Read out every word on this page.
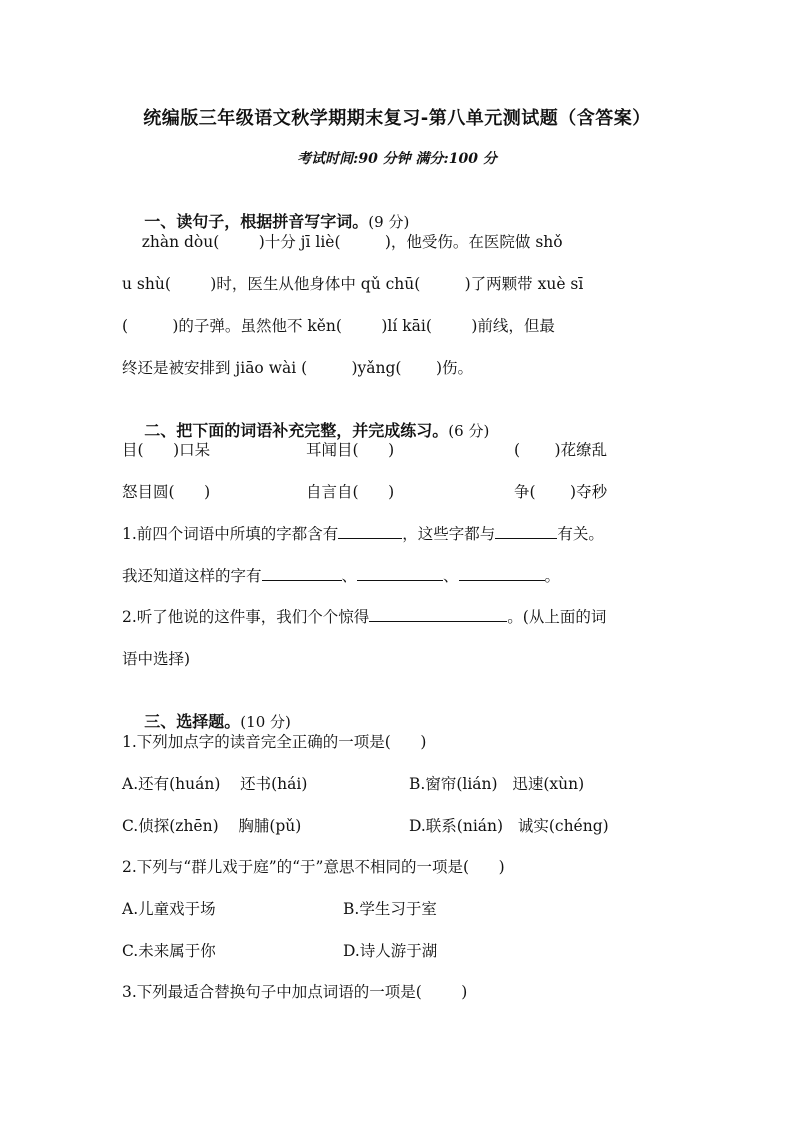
统编版三年级语文秋学期期末复习-第八单元测试题（含答案）
考试时间:90 分钟 满分:100 分

一、读句子，根据拼音写字词。(9 分)

zhàn dòu(        )十分 jī liè(         )，他受伤。在医院做 shǒ
u shù(        )时，医生从他身体中 qǔ chū(         )了两颗带 xuè sī
(         )的子弹。虽然他不 kěn(        )lí kāi(        )前线，但最
终还是被安排到 jiāo wài (         )yǎng(       )伤。

二、把下面的词语补充完整，并完成练习。(6 分)

目(      )口呆	耳闻目(      )	(       )花缭乱
怒目圆(      )	自言自(      )	争(       )夺秒
1.前四个词语中所填的字都含有	，这些字都与	有关。
我还知道这样的字有	、	、	。
2.听了他说的这件事，我们个个惊得	。(从上面的词
语中选择)

三、选择题。(10 分)

1.下列加点字的读音完全正确的一项是(      )
A.还有(huán)    还书(hái)	B.窗帘(lián)   迅速(xùn)
C.侦探(zhēn)    胸脯(pǔ)	D.联系(nián)   诚实(chéng)
2.下列与“群儿戏于庭”的“于”意思不相同的一项是(      )
A.儿童戏于场	B.学生习于室
C.未来属于你	D.诗人游于湖
3.下列最适合替换句子中加点词语的一项是(        )
